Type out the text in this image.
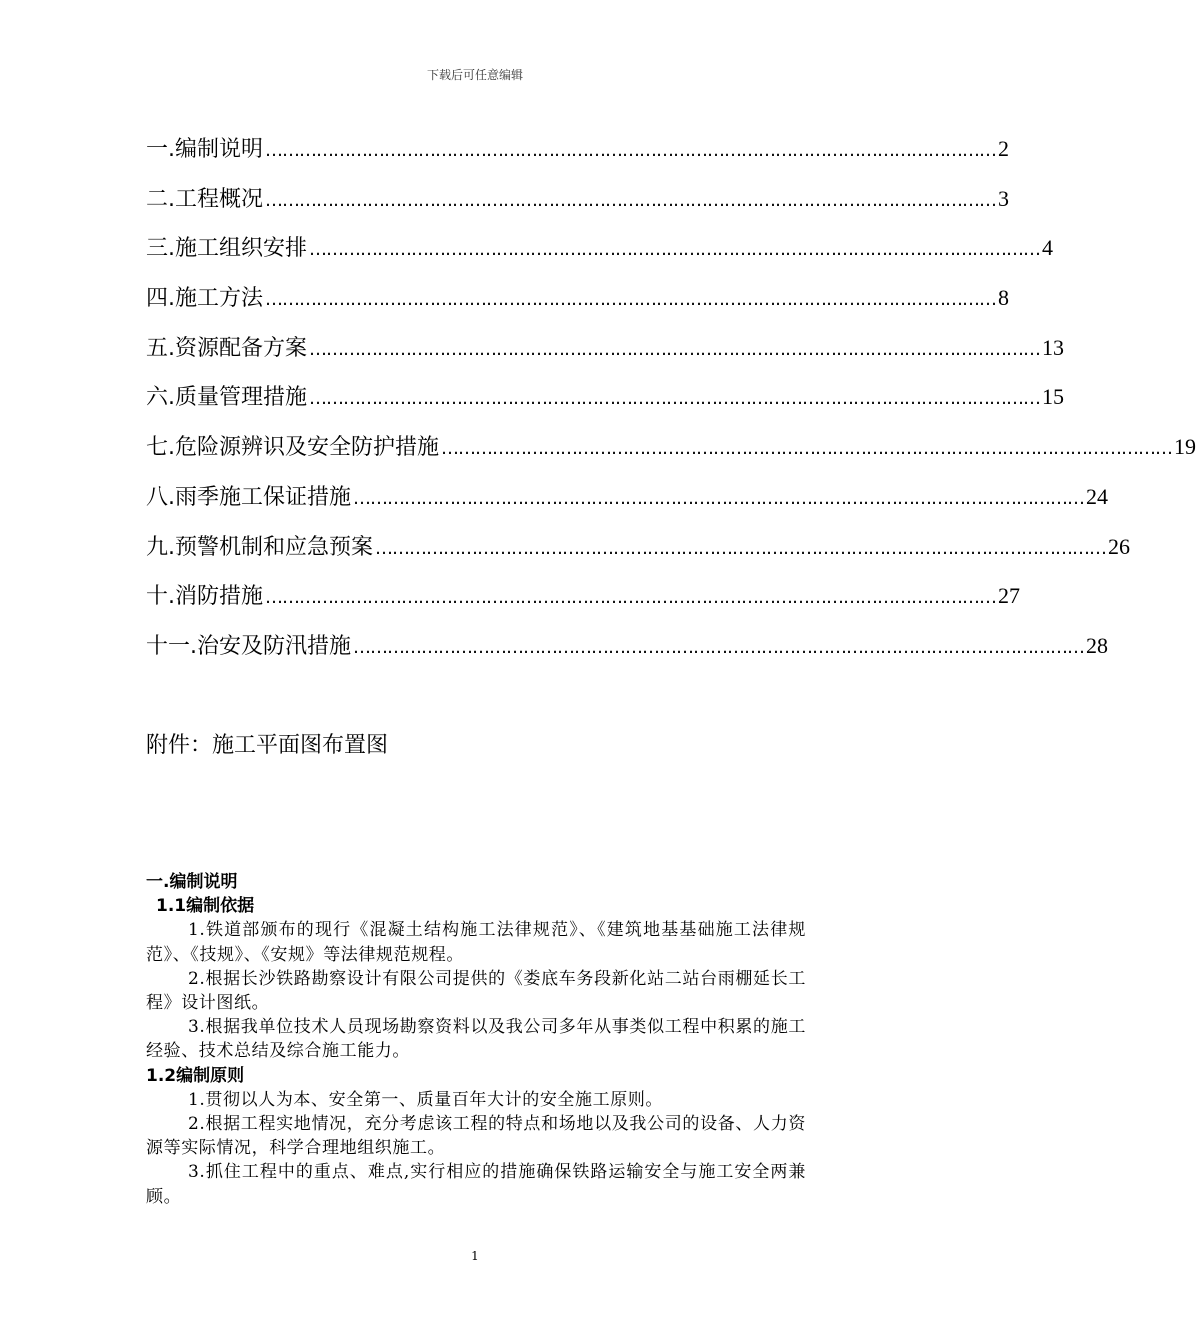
下载后可任意编辑
一.编制说明 ………………………………………………………………………………………………………………… 2
二.工程概况 ………………………………………………………………………………………………………………… 3
三.施工组织安排 ………………………………………………………………………………………………………………… 4
四.施工方法 ………………………………………………………………………………………………………………… 8
五.资源配备方案 ………………………………………………………………………………………………………………… 13
六.质量管理措施 ………………………………………………………………………………………………………………… 15
七.危险源辨识及安全防护措施 ………………………………………………………………………………………………………………… 19
八.雨季施工保证措施 ………………………………………………………………………………………………………………… 24
九.预警机制和应急预案 ………………………………………………………………………………………………………………… 26
十.消防措施 ………………………………………………………………………………………………………………… 27
十一.治安及防汛措施 ………………………………………………………………………………………………………………… 28
附件：施工平面图布置图
一.编制说明
1.1编制依据
1.铁道部颁布的现行《混凝土结构施工法律规范》、《建筑地基基础施工法律规范》、《技规》、《安规》等法律规范规程。
2.根据长沙铁路勘察设计有限公司提供的《娄底车务段新化站二站台雨棚延长工程》设计图纸。
3.根据我单位技术人员现场勘察资料以及我公司多年从事类似工程中积累的施工经验、技术总结及综合施工能力。
1.2编制原则
1.贯彻以人为本、安全第一、质量百年大计的安全施工原则。
2.根据工程实地情况，充分考虑该工程的特点和场地以及我公司的设备、人力资源等实际情况，科学合理地组织施工。
3.抓住工程中的重点、难点,实行相应的措施确保铁路运输安全与施工安全两兼顾。
1
